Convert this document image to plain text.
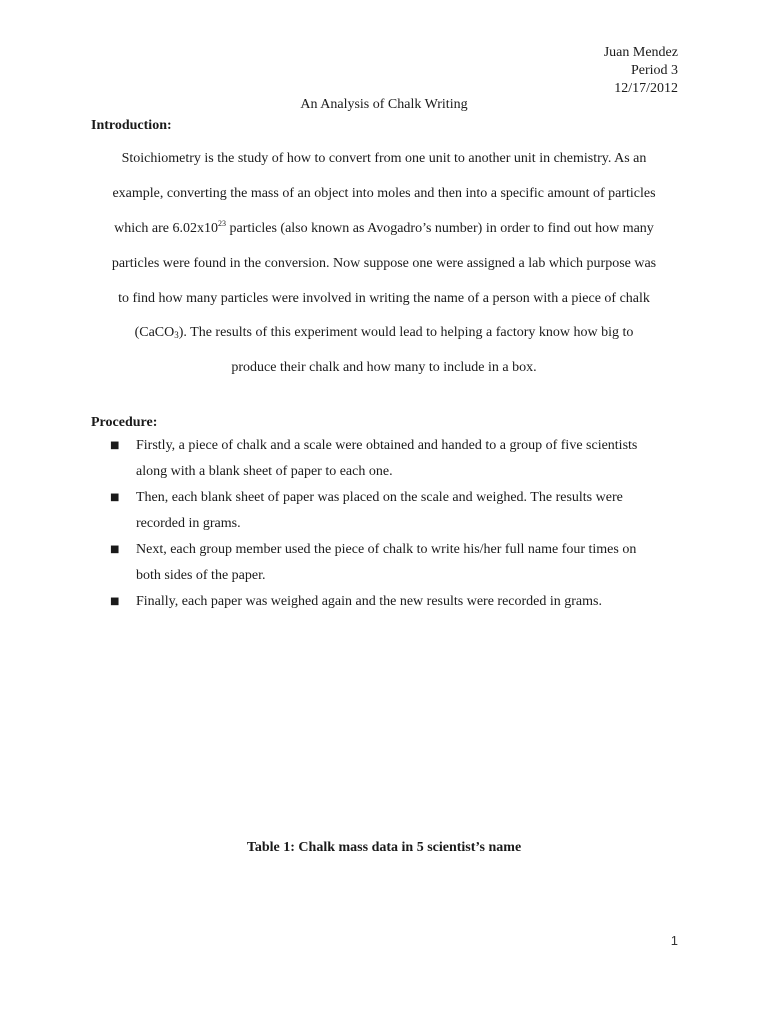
Juan Mendez
Period 3
12/17/2012
An Analysis of Chalk Writing
Introduction:
Stoichiometry is the study of how to convert from one unit to another unit in chemistry. As an
example, converting the mass of an object into moles and then into a specific amount of particles
which are $6.02x10^{23}$ particles (also known as Avogadro’s number) in order to find out how many
particles were found in the conversion. Now suppose one were assigned a lab which purpose was
to find how many particles were involved in writing the name of a person with a piece of chalk
(CaCO$_3$). The results of this experiment would lead to helping a factory know how big to
produce their chalk and how many to include in a box.
Procedure:
■ Firstly, a piece of chalk and a scale were obtained and handed to a group of five scientists
along with a blank sheet of paper to each one.
■ Then, each blank sheet of paper was placed on the scale and weighed. The results were
recorded in grams.
■ Next, each group member used the piece of chalk to write his/her full name four times on
both sides of the paper.
■ Finally, each paper was weighed again and the new results were recorded in grams.
Table 1: Chalk mass data in 5 scientist’s name
1
